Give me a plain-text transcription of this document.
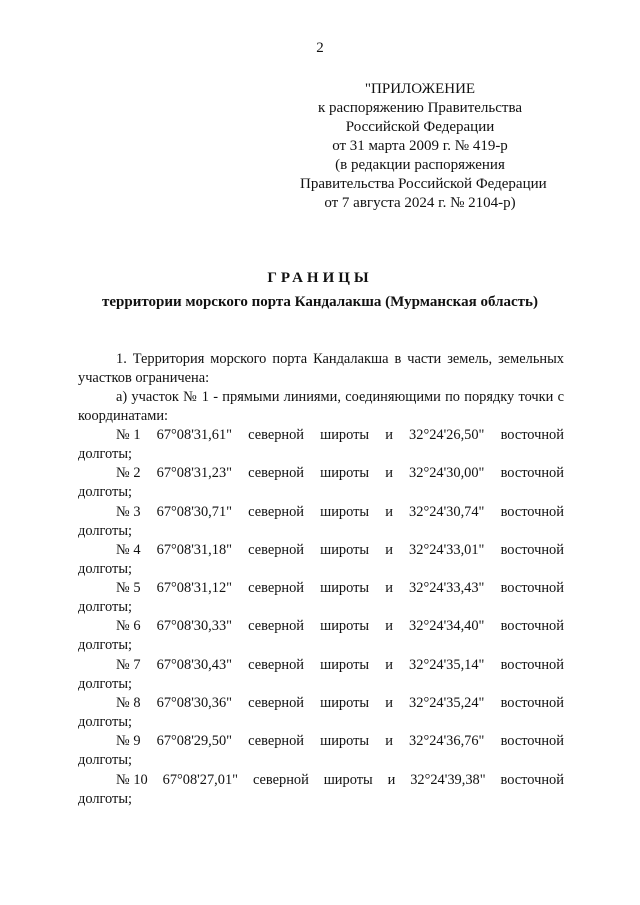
2
"ПРИЛОЖЕНИЕ
к распоряжению Правительства
Российской Федерации
от 31 марта 2009 г. № 419-р
(в редакции распоряжения
Правительства Российской Федерации
от 7 августа 2024 г. № 2104-р)
ГРАНИЦЫ
территории морского порта Кандалакша (Мурманская область)
1. Территория морского порта Кандалакша в части земель, земельных участков ограничена:
а) участок № 1 - прямыми линиями, соединяющими по порядку точки с координатами:
№ 1 67°08'31,61" северной широты и 32°24'26,50" восточной
долготы;
№ 2 67°08'31,23" северной широты и 32°24'30,00" восточной
долготы;
№ 3 67°08'30,71" северной широты и 32°24'30,74" восточной
долготы;
№ 4 67°08'31,18" северной широты и 32°24'33,01" восточной
долготы;
№ 5 67°08'31,12" северной широты и 32°24'33,43" восточной
долготы;
№ 6 67°08'30,33" северной широты и 32°24'34,40" восточной
долготы;
№ 7 67°08'30,43" северной широты и 32°24'35,14" восточной
долготы;
№ 8 67°08'30,36" северной широты и 32°24'35,24" восточной
долготы;
№ 9 67°08'29,50" северной широты и 32°24'36,76" восточной
долготы;
№ 10 67°08'27,01" северной широты и 32°24'39,38" восточной
долготы;
